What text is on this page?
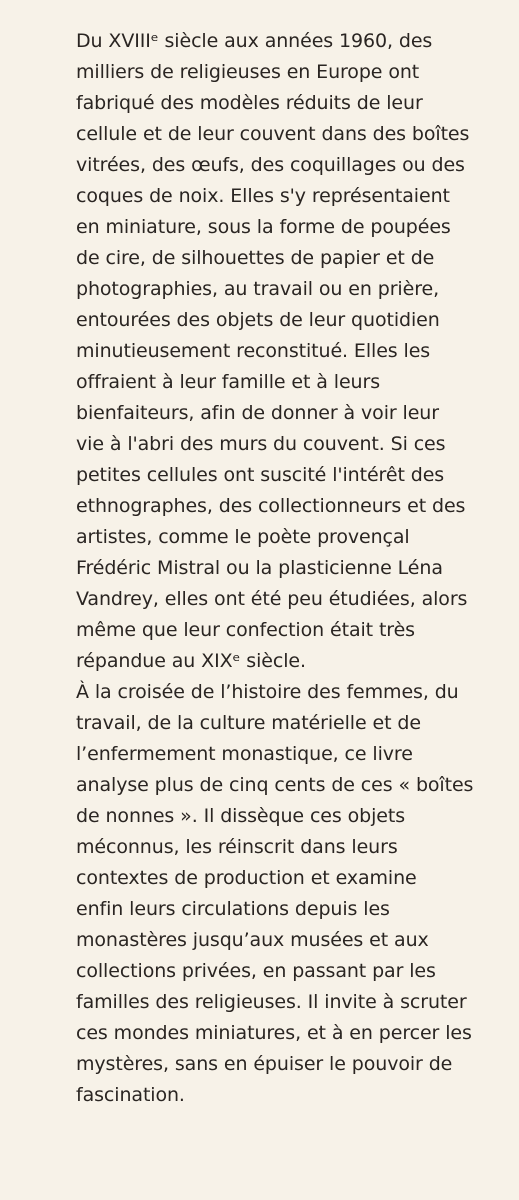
Du XVIIIᵉ siècle aux années 1960, des
milliers de religieuses en Europe ont
fabriqué des modèles réduits de leur
cellule et de leur couvent dans des boîtes
vitrées, des œufs, des coquillages ou des
coques de noix. Elles s'y représentaient
en miniature, sous la forme de poupées
de cire, de silhouettes de papier et de
photographies, au travail ou en prière,
entourées des objets de leur quotidien
minutieusement reconstitué. Elles les
offraient à leur famille et à leurs
bienfaiteurs, afin de donner à voir leur
vie à l'abri des murs du couvent. Si ces
petites cellules ont suscité l'intérêt des
ethnographes, des collectionneurs et des
artistes, comme le poète provençal
Frédéric Mistral ou la plasticienne Léna
Vandrey, elles ont été peu étudiées, alors
même que leur confection était très
répandue au XIXᵉ siècle.

À la croisée de l’histoire des femmes, du
travail, de la culture matérielle et de
l’enfermement monastique, ce livre
analyse plus de cinq cents de ces « boîtes
de nonnes ». Il dissèque ces objets
méconnus, les réinscrit dans leurs
contextes de production et examine
enfin leurs circulations depuis les
monastères jusqu’aux musées et aux
collections privées, en passant par les
familles des religieuses. Il invite à scruter
ces mondes miniatures, et à en percer les
mystères, sans en épuiser le pouvoir de
fascination.
